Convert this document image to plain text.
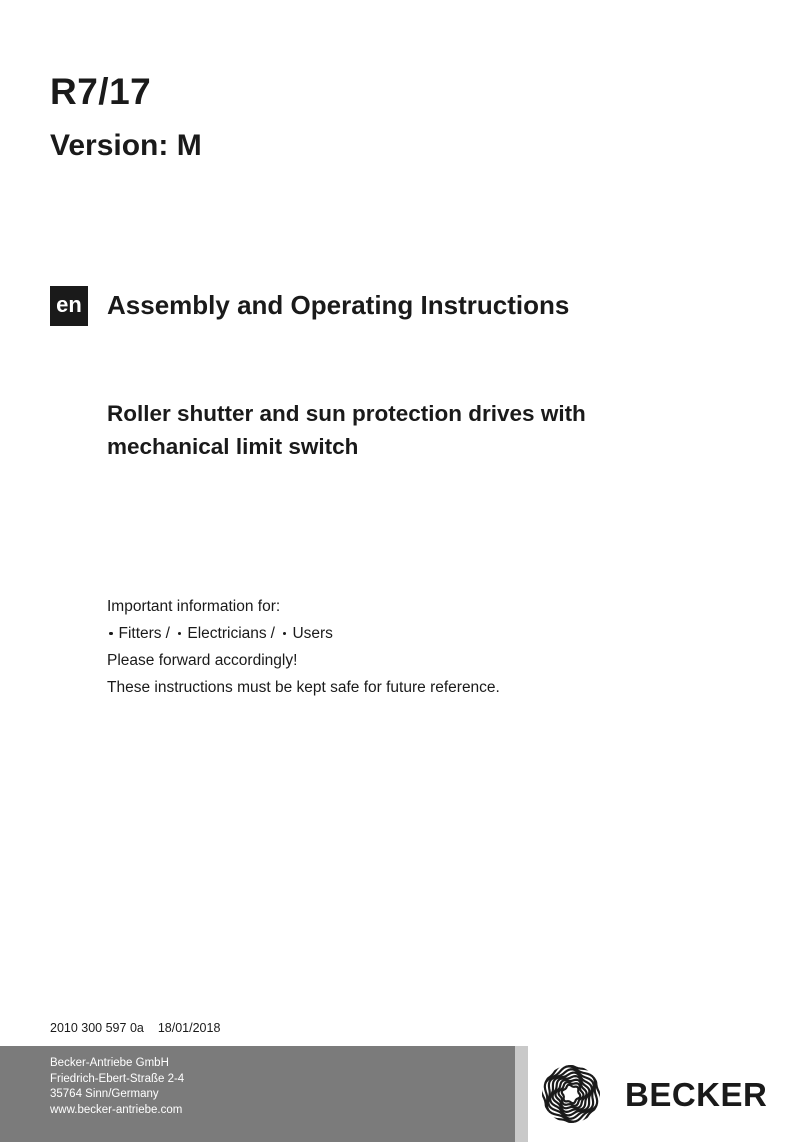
R7/17
Version: M
en Assembly and Operating Instructions
Roller shutter and sun protection drives with
mechanical limit switch
Important information for:
Fitters / Electricians / Users
Please forward accordingly!
These instructions must be kept safe for future reference.
2010 300 597 0a 18/01/2018
Becker-Antriebe GmbH
Friedrich-Ebert-Straße 2-4
35764 Sinn/Germany
www.becker-antriebe.com	BECKER
